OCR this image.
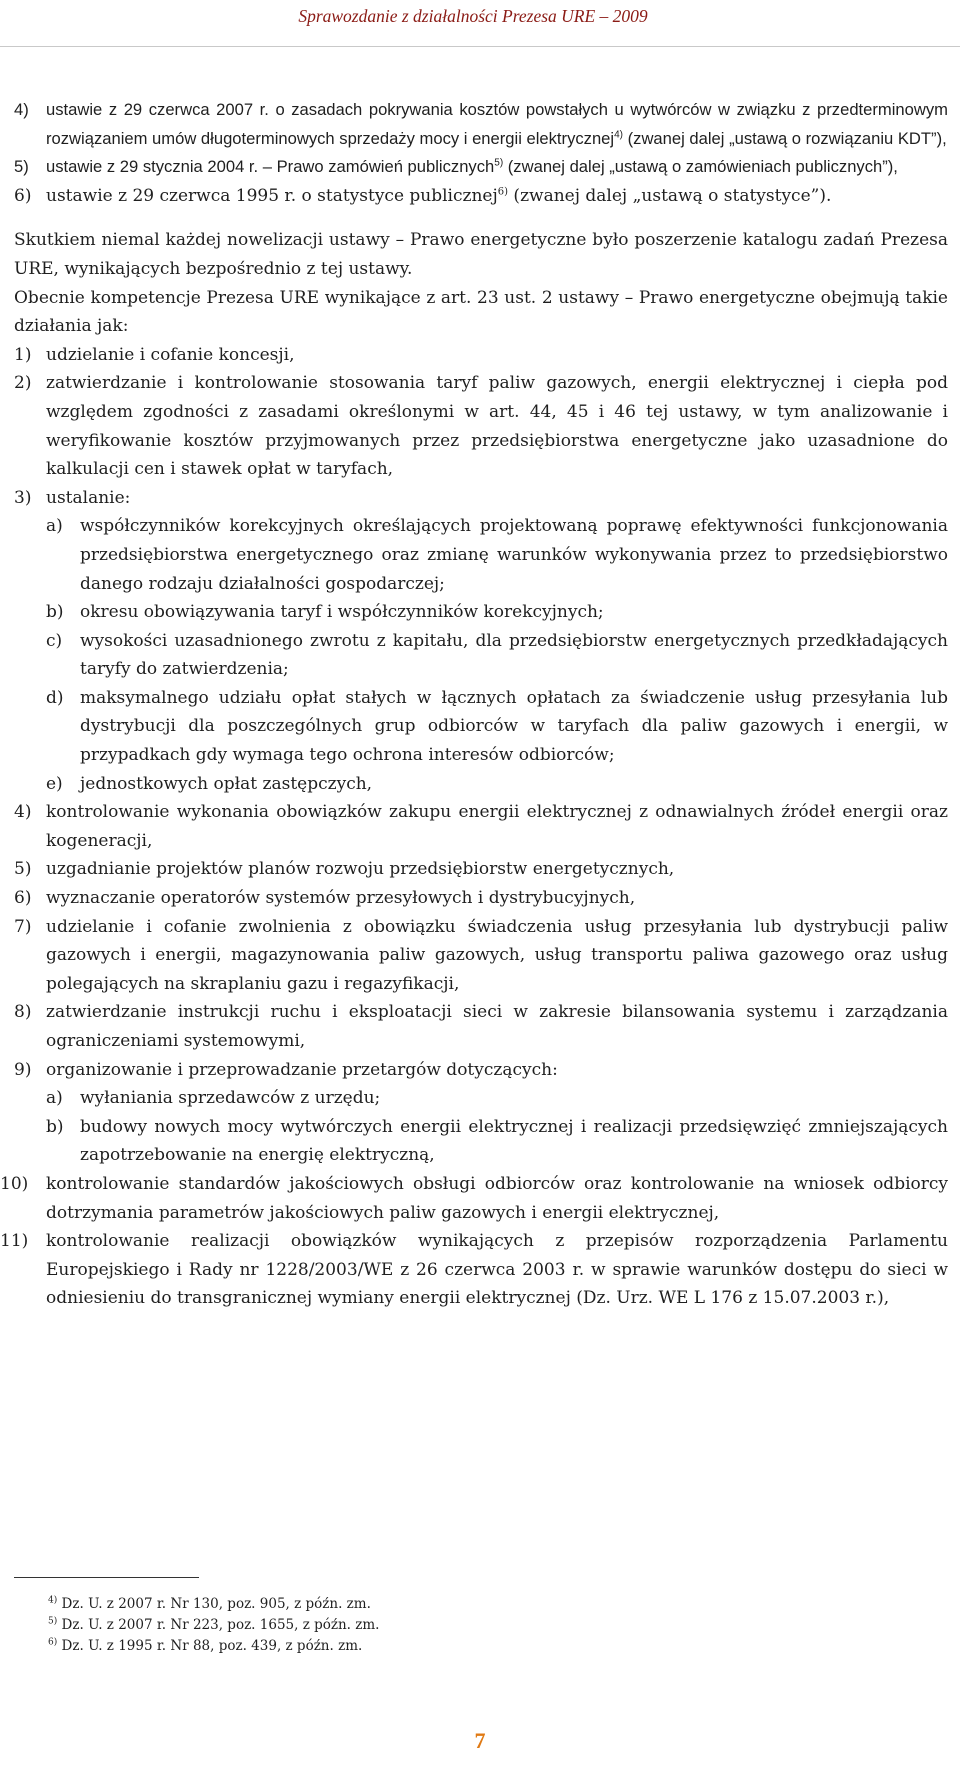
Sprawozdanie z działalności Prezesa URE – 2009
4) ustawie z 29 czerwca 2007 r. o zasadach pokrywania kosztów powstałych u wytwórców w związku z przedterminowym rozwiązaniem umów długoterminowych sprzedaży mocy i energii elektrycznej$^{4)}$ (zwanej dalej „ustawą o rozwiązaniu KDT”),
5) ustawie z 29 stycznia 2004 r. – Prawo zamówień publicznych$^{5)}$ (zwanej dalej „ustawą o zamówieniach publicznych”),
6) ustawie z 29 czerwca 1995 r. o statystyce publicznej$^{6)}$ (zwanej dalej „ustawą o statystyce”).

Skutkiem niemal każdej nowelizacji ustawy – Prawo energetyczne było poszerzenie katalogu zadań Prezesa URE, wynikających bezpośrednio z tej ustawy.

Obecnie kompetencje Prezesa URE wynikające z art. 23 ust. 2 ustawy – Prawo energetyczne obejmują takie działania jak:

1) udzielanie i cofanie koncesji,
2) zatwierdzanie i kontrolowanie stosowania taryf paliw gazowych, energii elektrycznej i ciepła pod względem zgodności z zasadami określonymi w art. 44, 45 i 46 tej ustawy, w tym analizowanie i weryfikowanie kosztów przyjmowanych przez przedsiębiorstwa energetyczne jako uzasadnione do kalkulacji cen i stawek opłat w taryfach,
3) ustalanie:
a) współczynników korekcyjnych określających projektowaną poprawę efektywności funkcjonowania przedsiębiorstwa energetycznego oraz zmianę warunków wykonywania przez to przedsiębiorstwo danego rodzaju działalności gospodarczej;
b) okresu obowiązywania taryf i współczynników korekcyjnych;
c) wysokości uzasadnionego zwrotu z kapitału, dla przedsiębiorstw energetycznych przedkładających taryfy do zatwierdzenia;
d) maksymalnego udziału opłat stałych w łącznych opłatach za świadczenie usług przesyłania lub dystrybucji dla poszczególnych grup odbiorców w taryfach dla paliw gazowych i energii, w przypadkach gdy wymaga tego ochrona interesów odbiorców;
e) jednostkowych opłat zastępczych,
4) kontrolowanie wykonania obowiązków zakupu energii elektrycznej z odnawialnych źródeł energii oraz kogeneracji,
5) uzgadnianie projektów planów rozwoju przedsiębiorstw energetycznych,
6) wyznaczanie operatorów systemów przesyłowych i dystrybucyjnych,
7) udzielanie i cofanie zwolnienia z obowiązku świadczenia usług przesyłania lub dystrybucji paliw gazowych i energii, magazynowania paliw gazowych, usług transportu paliwa gazowego oraz usług polegających na skraplaniu gazu i regazyfikacji,
8) zatwierdzanie instrukcji ruchu i eksploatacji sieci w zakresie bilansowania systemu i zarządzania ograniczeniami systemowymi,
9) organizowanie i przeprowadzanie przetargów dotyczących:
a) wyłaniania sprzedawców z urzędu;
b) budowy nowych mocy wytwórczych energii elektrycznej i realizacji przedsięwzięć zmniejszających zapotrzebowanie na energię elektryczną,
10) kontrolowanie standardów jakościowych obsługi odbiorców oraz kontrolowanie na wniosek odbiorcy dotrzymania parametrów jakościowych paliw gazowych i energii elektrycznej,
11) kontrolowanie realizacji obowiązków wynikających z przepisów rozporządzenia Parlamentu Europejskiego i Rady nr 1228/2003/WE z 26 czerwca 2003 r. w sprawie warunków dostępu do sieci w odniesieniu do transgranicznej wymiany energii elektrycznej (Dz. Urz. WE L 176 z 15.07.2003 r.),
$^{4)}$ Dz. U. z 2007 r. Nr 130, poz. 905, z późn. zm.
$^{5)}$ Dz. U. z 2007 r. Nr 223, poz. 1655, z późn. zm.
$^{6)}$ Dz. U. z 1995 r. Nr 88, poz. 439, z późn. zm.
7
